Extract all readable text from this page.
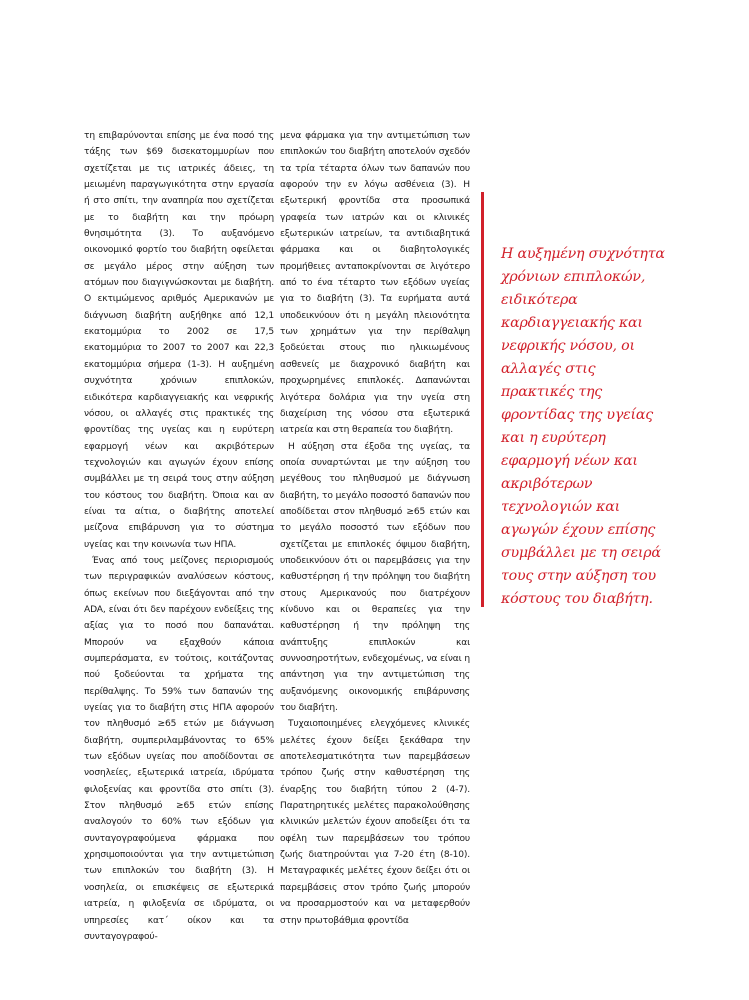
τη επιβαρύνονται επίσης με ένα ποσό της τάξης των $69 δισεκατομμυρίων που σχετίζεται με τις ιατρικές άδειες, τη μειωμένη παραγωγικότητα στην εργασία ή στο σπίτι, την αναπηρία που σχετίζεται με το διαβήτη και την πρόωρη θνησιμότητα (3). Το αυξανόμενο οικονομικό φορτίο του διαβήτη οφείλεται σε μεγάλο μέρος στην αύξηση των ατόμων που διαγιγνώσκονται με διαβήτη. Ο εκτιμώμενος αριθμός Αμερικανών με διάγνωση διαβήτη αυξήθηκε από 12,1 εκατομμύρια το 2002 σε 17,5 εκατομμύρια το 2007 το 2007 και 22,3 εκατομμύρια σήμερα (1-3). Η αυξημένη συχνότητα χρόνιων επιπλοκών, ειδικότερα καρδιαγγειακής και νεφρικής νόσου, οι αλλαγές στις πρακτικές της φροντίδας της υγείας και η ευρύτερη εφαρμογή νέων και ακριβότερων τεχνολογιών και αγωγών έχουν επίσης συμβάλλει με τη σειρά τους στην αύξηση του κόστους του διαβήτη. Όποια και αν είναι τα αίτια, ο διαβήτης αποτελεί μείζονα επιβάρυνση για το σύστημα υγείας και την κοινωνία των ΗΠΑ.

Ένας από τους μείζονες περιορισμούς των περιγραφικών αναλύσεων κόστους, όπως εκείνων που διεξάγονται από την ADA, είναι ότι δεν παρέχουν ενδείξεις της αξίας για το ποσό που δαπανάται. Μπορούν να εξαχθούν κάποια συμπεράσματα, εν τούτοις, κοιτάζοντας πού ξοδεύονται τα χρήματα της περίθαλψης. Το 59% των δαπανών της υγείας για το διαβήτη στις ΗΠΑ αφορούν τον πληθυσμό ≥65 ετών με διάγνωση διαβήτη, συμπεριλαμβάνοντας το 65% των εξόδων υγείας που αποδίδονται σε νοσηλείες, εξωτερικά ιατρεία, ιδρύματα φιλοξενίας και φροντίδα στο σπίτι (3). Στον πληθυσμό ≥65 ετών επίσης αναλογούν το 60% των εξόδων για συνταγογραφούμενα φάρμακα που χρησιμοποιούνται για την αντιμετώπιση των επιπλοκών του διαβήτη (3). Η νοσηλεία, οι επισκέψεις σε εξωτερικά ιατρεία, η φιλοξενία σε ιδρύματα, οι υπηρεσίες κατ΄ οίκον και τα συνταγογραφού-

μενα φάρμακα για την αντιμετώπιση των επιπλοκών του διαβήτη αποτελούν σχεδόν τα τρία τέταρτα όλων των δαπανών που αφορούν την εν λόγω ασθένεια (3). Η εξωτερική φροντίδα στα προσωπικά γραφεία των ιατρών και οι κλινικές εξωτερικών ιατρείων, τα αντιδιαβητικά φάρμακα και οι διαβητολογικές προμήθειες ανταποκρίνονται σε λιγότερο από το ένα τέταρτο των εξόδων υγείας για το διαβήτη (3). Τα ευρήματα αυτά υποδεικνύουν ότι η μεγάλη πλειονότητα των χρημάτων για την περίθαλψη ξοδεύεται στους πιο ηλικιωμένους ασθενείς με διαχρονικό διαβήτη και προχωρημένες επιπλοκές. Δαπανώνται λιγότερα δολάρια για την υγεία στη διαχείριση της νόσου στα εξωτερικά ιατρεία και στη θεραπεία του διαβήτη.

Η αύξηση στα έξοδα της υγείας, τα οποία συναρτώνται με την αύξηση του μεγέθους του πληθυσμού με διάγνωση διαβήτη, το μεγάλο ποσοστό δαπανών που αποδίδεται στον πληθυσμό ≥65 ετών και το μεγάλο ποσοστό των εξόδων που σχετίζεται με επιπλοκές όψιμου διαβήτη, υποδεικνύουν ότι οι παρεμβάσεις για την καθυστέρηση ή την πρόληψη του διαβήτη στους Αμερικανούς που διατρέχουν κίνδυνο και οι θεραπείες για την καθυστέρηση ή την πρόληψη της ανάπτυξης επιπλοκών και συννοσηροτήτων, ενδεχομένως, να είναι η απάντηση για την αντιμετώπιση της αυξανόμενης οικονομικής επιβάρυνσης του διαβήτη.

Τυχαιοποιημένες ελεγχόμενες κλινικές μελέτες έχουν δείξει ξεκάθαρα την αποτελεσματικότητα των παρεμβάσεων τρόπου ζωής στην καθυστέρηση της έναρξης του διαβήτη τύπου 2 (4-7). Παρατηρητικές μελέτες παρακολούθησης κλινικών μελετών έχουν αποδείξει ότι τα οφέλη των παρεμβάσεων του τρόπου ζωής διατηρούνται για 7-20 έτη (8-10). Μεταγραφικές μελέτες έχουν δείξει ότι οι παρεμβάσεις στον τρόπο ζωής μπορούν να προσαρμοστούν και να μεταφερθούν στην πρωτοβάθμια φροντίδα

Η αυξημένη συχνότητα χρόνιων επιπλοκών, ειδικότερα καρδιαγγειακής και νεφρικής νόσου, οι αλλαγές στις πρακτικές της φροντίδας της υγείας και η ευρύτερη εφαρμογή νέων και ακριβότερων τεχνολογιών και αγωγών έχουν επίσης συμβάλλει με τη σειρά τους στην αύξηση του κόστους του διαβήτη.
